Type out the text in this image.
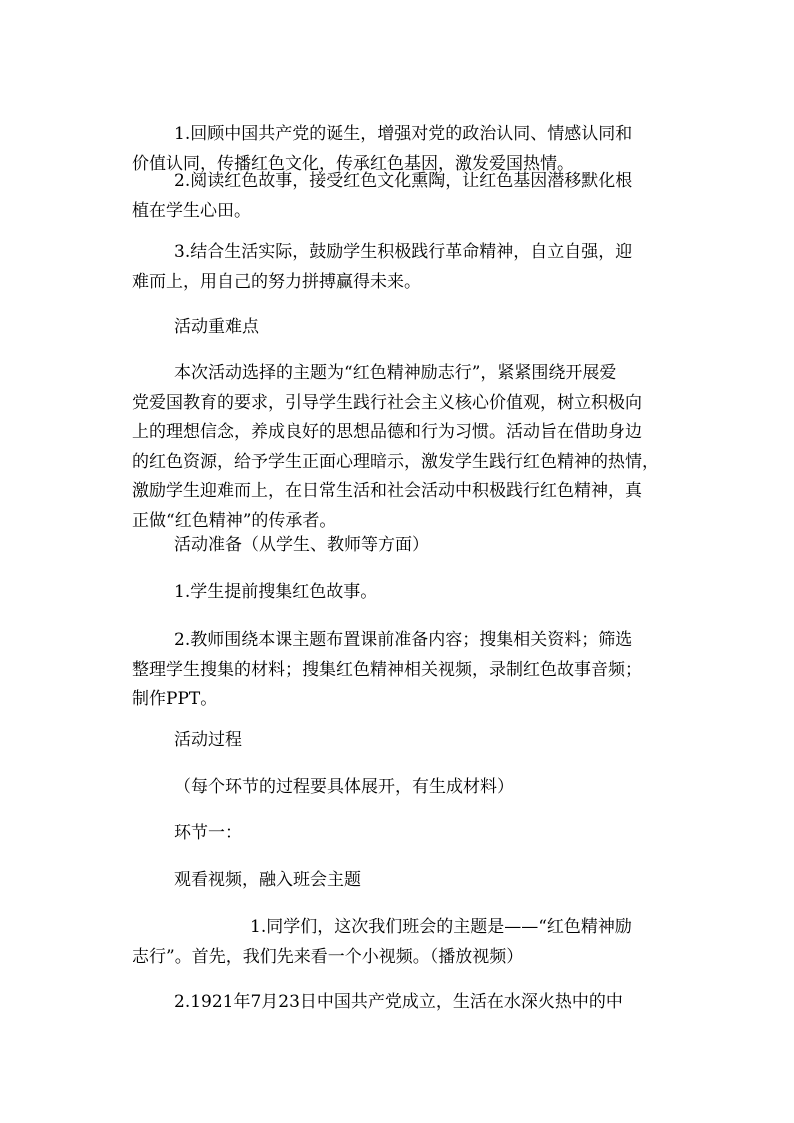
1.回顾中国共产党的诞生，增强对党的政治认同、情感认同和
价值认同，传播红色文化，传承红色基因，激发爱国热情。
2.阅读红色故事，接受红色文化熏陶，让红色基因潜移默化根
植在学生心田。
3.结合生活实际，鼓励学生积极践行革命精神，自立自强，迎
难而上，用自己的努力拼搏赢得未来。
活动重难点
本次活动选择的主题为“红色精神励志行”，紧紧围绕开展爱
党爱国教育的要求，引导学生践行社会主义核心价值观，树立积极向
上的理想信念，养成良好的思想品德和行为习惯。活动旨在借助身边
的红色资源，给予学生正面心理暗示，激发学生践行红色精神的热情，
激励学生迎难而上，在日常生活和社会活动中积极践行红色精神，真
正做“红色精神”的传承者。
活动准备（从学生、教师等方面）
1.学生提前搜集红色故事。
2.教师围绕本课主题布置课前准备内容；搜集相关资料；筛选
整理学生搜集的材料；搜集红色精神相关视频，录制红色故事音频；
制作PPT。
活动过程
（每个环节的过程要具体展开，有生成材料）
环节一：
观看视频，融入班会主题
1.同学们，这次我们班会的主题是——“红色精神励
志行”。首先，我们先来看一个小视频。（播放视频）
2.1921年7月23日中国共产党成立，生活在水深火热中的中
